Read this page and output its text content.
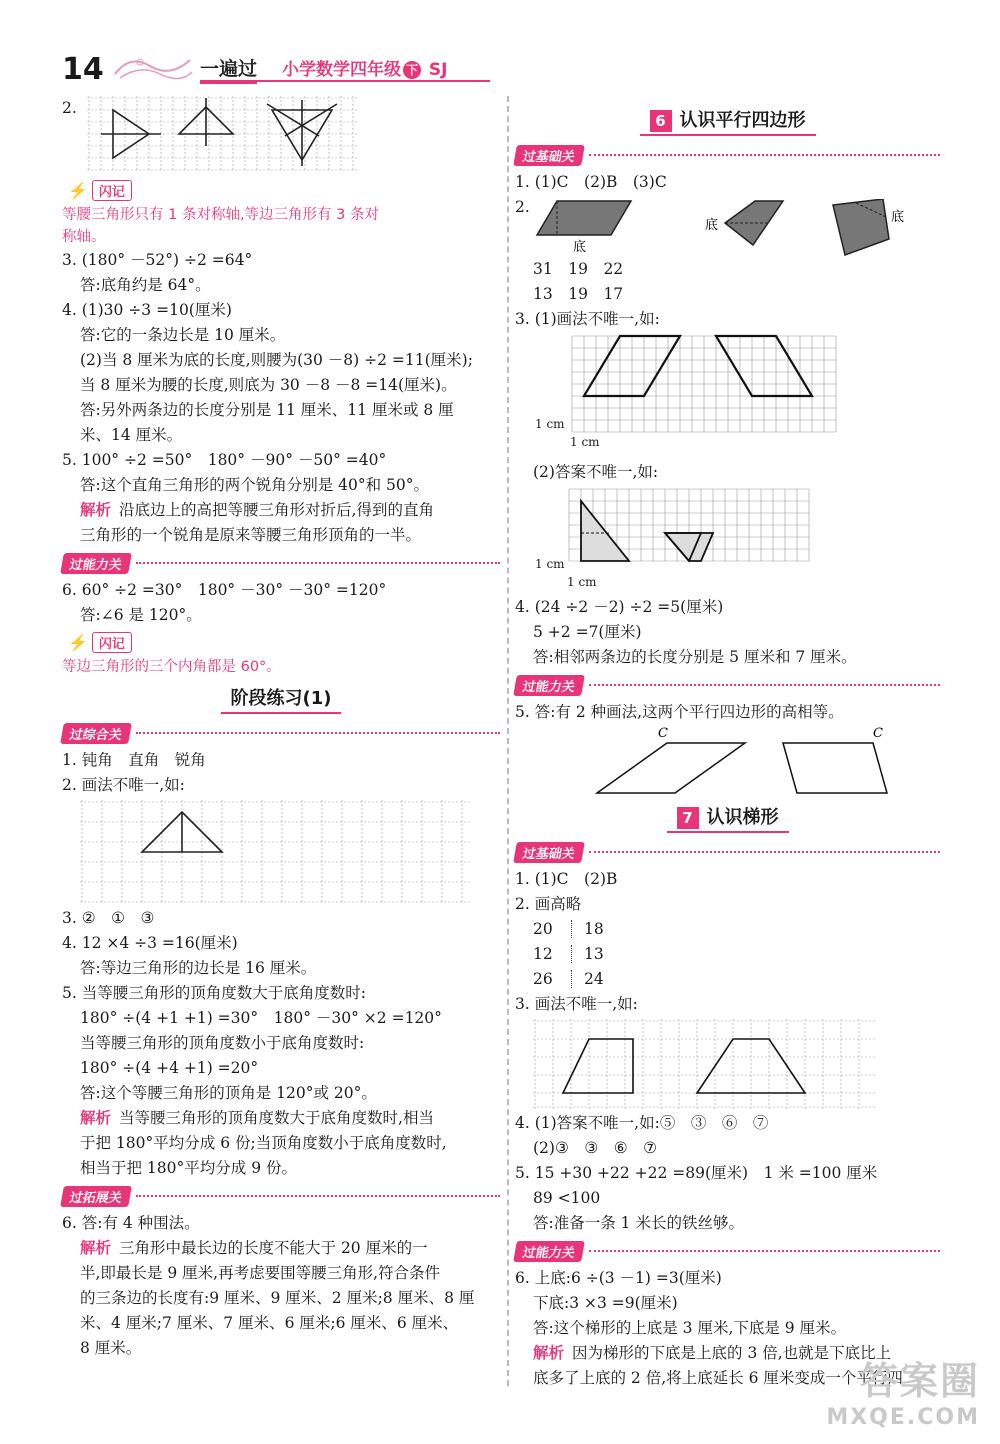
14	一遍过 小学数学四年级 下 SJ
2.
⚡ 闪记
等腰三角形只有 1 条对称轴,等边三角形有 3 条对
称轴。
3. (180° －52°) ÷2 =64°
答:底角约是 64°。
4. (1)30 ÷3 =10(厘米)
答:它的一条边长是 10 厘米。
(2)当 8 厘米为底的长度,则腰为(30 －8) ÷2 =11(厘米);
当 8 厘米为腰的长度,则底为 30 －8 －8 =14(厘米)。
答:另外两条边的长度分别是 11 厘米、11 厘米或 8 厘
米、14 厘米。
5. 100° ÷2 =50°　180° －90° －50° =40°
答:这个直角三角形的两个锐角分别是 40°和 50°。
解析 沿底边上的高把等腰三角形对折后,得到的直角
三角形的一个锐角是原来等腰三角形顶角的一半。
过能力关
6. 60° ÷2 =30°　180° －30° －30° =120°
答:∠6 是 120°。
⚡ 闪记
等边三角形的三个内角都是 60°。
阶段练习(1)
过综合关
1. 钝角　直角　锐角
2. 画法不唯一,如:
3. ②　①　③
4. 12 ×4 ÷3 =16(厘米)
答:等边三角形的边长是 16 厘米。
5. 当等腰三角形的顶角度数大于底角度数时:
180° ÷(4 +1 +1) =30°　180° －30° ×2 =120°
当等腰三角形的顶角度数小于底角度数时:
180° ÷(4 +4 +1) =20°
答:这个等腰三角形的顶角是 120°或 20°。
解析 当等腰三角形的顶角度数大于底角度数时,相当
于把 180°平均分成 6 份;当顶角度数小于底角度数时,
相当于把 180°平均分成 9 份。
过拓展关
6. 答:有 4 种围法。
解析 三角形中最长边的长度不能大于 20 厘米的一
半,即最长是 9 厘米,再考虑要围等腰三角形,符合条件
的三条边的长度有:9 厘米、9 厘米、2 厘米;8 厘米、8 厘
米、4 厘米;7 厘米、7 厘米、6 厘米;6 厘米、6 厘米、
8 厘米。
6 认识平行四边形
过基础关
1. (1)C　(2)B　(3)C
2.
底
底
底
31　19　22
13　19　17
3. (1)画法不唯一,如:
1 cm
1 cm
(2)答案不唯一,如:
1 cm
1 cm
4. (24 ÷2 －2) ÷2 =5(厘米)
5 +2 =7(厘米)
答:相邻两条边的长度分别是 5 厘米和 7 厘米。
过能力关
5. 答:有 2 种画法,这两个平行四边形的高相等。
C	C
7 认识梯形
过基础关
1. (1)C　(2)B
2. 画高略
20 18
12 13
26 24
3. 画法不唯一,如:
4. (1)答案不唯一,如:⑤　③　⑥　⑦
(2)③　③　⑥　⑦
5. 15 +30 +22 +22 =89(厘米)　1 米 =100 厘米
89 <100
答:准备一条 1 米长的铁丝够。
过能力关
6. 上底:6 ÷(3 －1) =3(厘米)
下底:3 ×3 =9(厘米)
答:这个梯形的上底是 3 厘米,下底是 9 厘米。
解析 因为梯形的下底是上底的 3 倍,也就是下底比上
底多了上底的 2 倍,将上底延长 6 厘米变成一个平行四
答案圈
MXQE.COM
